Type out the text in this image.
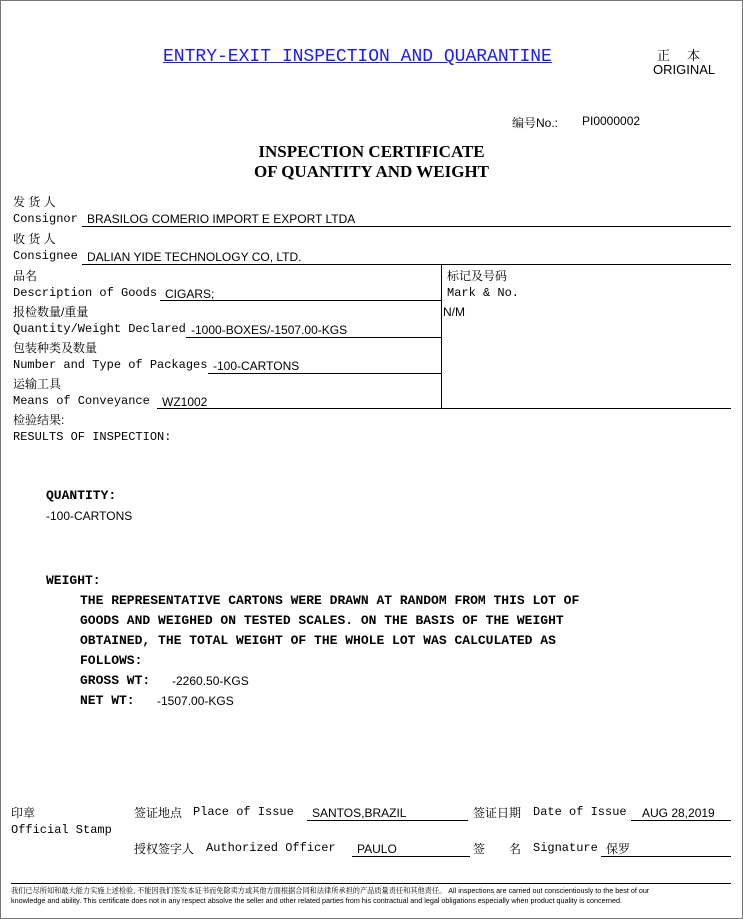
ENTRY-EXIT INSPECTION AND QUARANTINE	正　本
ORIGINAL
编号No.: PI0000002
INSPECTION CERTIFICATE
OF QUANTITY AND WEIGHT
发 货 人
Consignor BRASILOG COMERIO IMPORT E EXPORT LTDA
收 货 人
Consignee DALIAN YIDE TECHNOLOGY CO, LTD.
品名
Description of Goods CIGARS;
报检数量/重量
Quantity/Weight Declared -1000-BOXES/-1507.00-KGS
包装种类及数量
Number and Type of Packages -100-CARTONS
运输工具
Means of Conveyance WZ1002
标记及号码
Mark & No.
N/M
检验结果:
RESULTS OF INSPECTION:
QUANTITY:
-100-CARTONS
WEIGHT:
THE REPRESENTATIVE CARTONS WERE DRAWN AT RANDOM FROM THIS LOT OF
GOODS AND WEIGHED ON TESTED SCALES. ON THE BASIS OF THE WEIGHT
OBTAINED, THE TOTAL WEIGHT OF THE WHOLE LOT WAS CALCULATED AS
FOLLOWS:
GROSS WT: -2260.50-KGS
NET WT: -1507.00-KGS
印章
Official Stamp
签证地点 Place of Issue SANTOS,BRAZIL	签证日期 Date of Issue AUG 28,2019
授权签字人 Authorized Officer PAULO	签　　名 Signature 保罗
我们已尽所知和最大能力实施上述检验, 不能因我们签发本证书而免除卖方或其他方面根据合同和法律所承担的产品质量责任和其他责任。 All inspections are carried out conscientiously to the best of our
knowledge and ability. This certificate does not in any respect absolve the seller and other related parties from his contractual and legal obligations especially when product quality is concerned.
